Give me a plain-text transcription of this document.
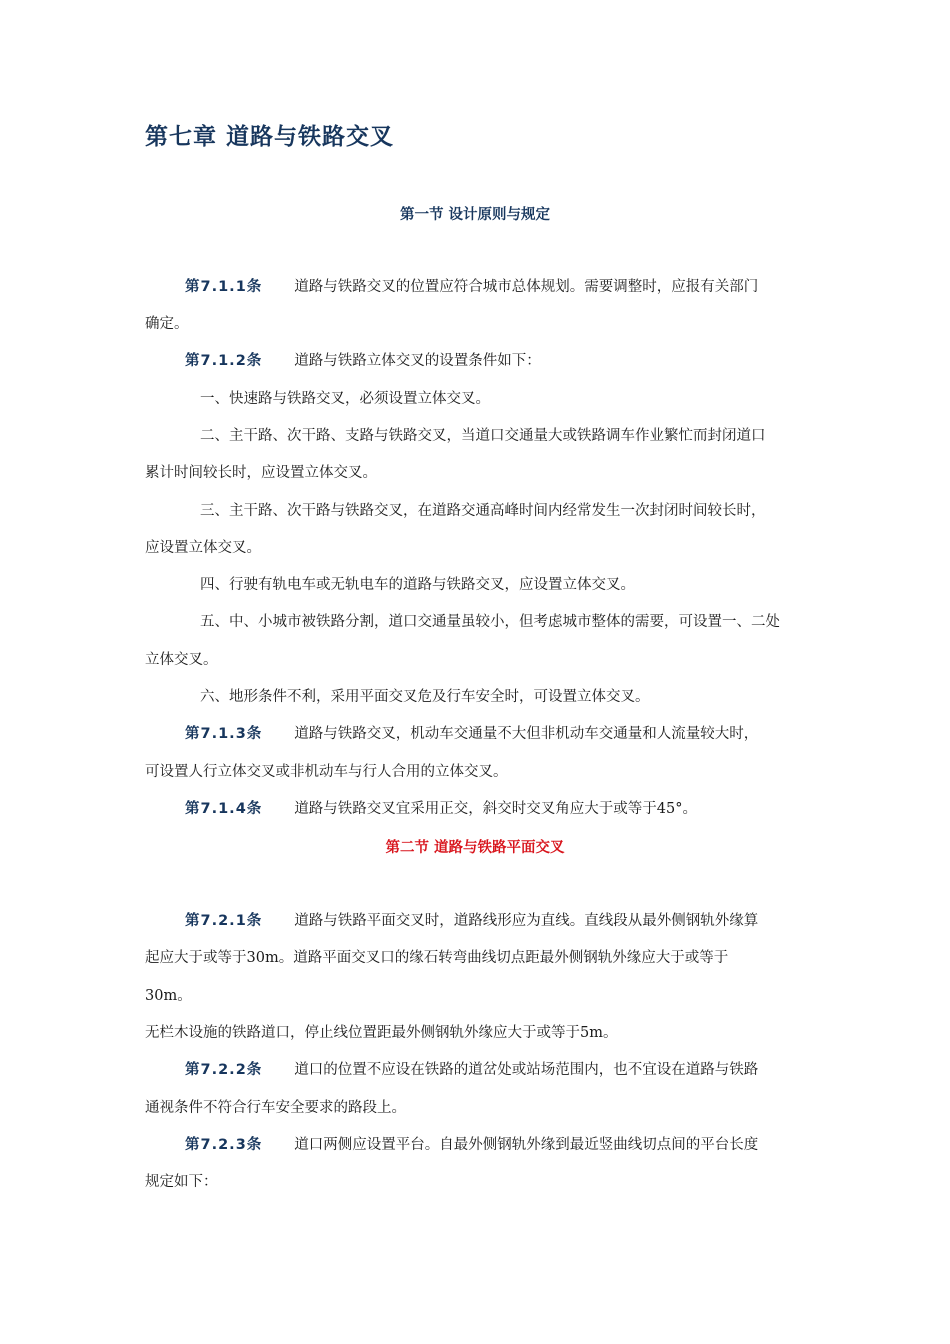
第七章 道路与铁路交叉
第一节 设计原则与规定
第7.1.1条 道路与铁路交叉的位置应符合城市总体规划。需要调整时，应报有关部门
确定。
第7.1.2条 道路与铁路立体交叉的设置条件如下：
一、快速路与铁路交叉，必须设置立体交叉。
二、主干路、次干路、支路与铁路交叉，当道口交通量大或铁路调车作业繁忙而封闭道口
累计时间较长时，应设置立体交叉。
三、主干路、次干路与铁路交叉，在道路交通高峰时间内经常发生一次封闭时间较长时，
应设置立体交叉。
四、行驶有轨电车或无轨电车的道路与铁路交叉，应设置立体交叉。
五、中、小城市被铁路分割，道口交通量虽较小，但考虑城市整体的需要，可设置一、二处
立体交叉。
六、地形条件不利，采用平面交叉危及行车安全时，可设置立体交叉。
第7.1.3条 道路与铁路交叉，机动车交通量不大但非机动车交通量和人流量较大时，
可设置人行立体交叉或非机动车与行人合用的立体交叉。
第7.1.4条 道路与铁路交叉宜采用正交，斜交时交叉角应大于或等于45°。
第二节 道路与铁路平面交叉
第7.2.1条 道路与铁路平面交叉时，道路线形应为直线。直线段从最外侧钢轨外缘算
起应大于或等于30m。道路平面交叉口的缘石转弯曲线切点距最外侧钢轨外缘应大于或等于
30m。
无栏木设施的铁路道口，停止线位置距最外侧钢轨外缘应大于或等于5m。
第7.2.2条 道口的位置不应设在铁路的道岔处或站场范围内，也不宜设在道路与铁路
通视条件不符合行车安全要求的路段上。
第7.2.3条 道口两侧应设置平台。自最外侧钢轨外缘到最近竖曲线切点间的平台长度
规定如下：
